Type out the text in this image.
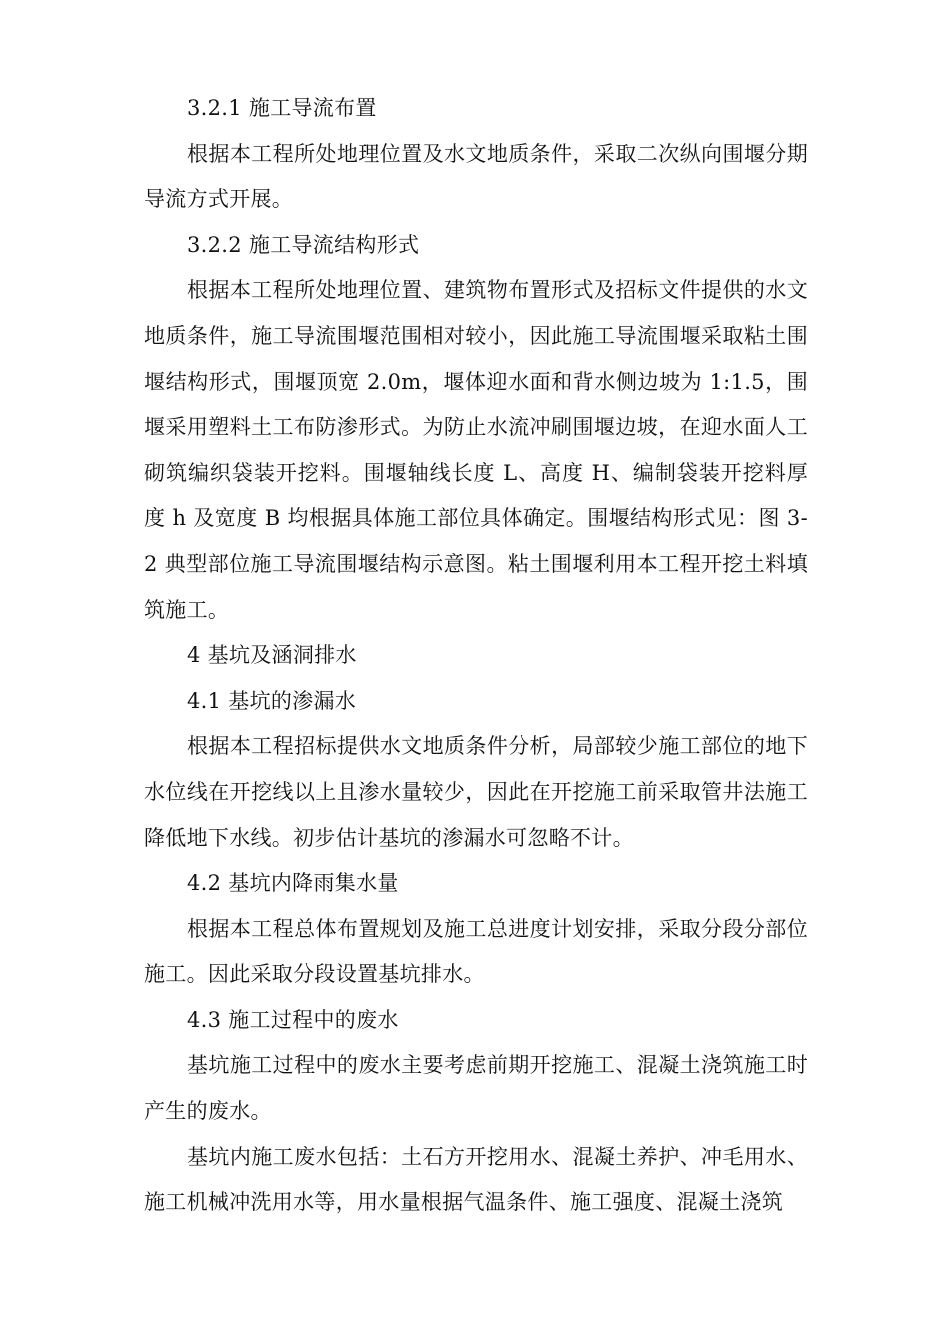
3.2.1 施工导流布置

根据本工程所处地理位置及水文地质条件，采取二次纵向围堰分期导流方式开展。

3.2.2 施工导流结构形式

根据本工程所处地理位置、建筑物布置形式及招标文件提供的水文地质条件，施工导流围堰范围相对较小，因此施工导流围堰采取粘土围堰结构形式，围堰顶宽 2.0m，堰体迎水面和背水侧边坡为 1:1.5，围堰采用塑料土工布防渗形式。为防止水流冲刷围堰边坡，在迎水面人工砌筑编织袋装开挖料。围堰轴线长度 L、高度 H、编制袋装开挖料厚度 h 及宽度 B 均根据具体施工部位具体确定。围堰结构形式见：图 3-2 典型部位施工导流围堰结构示意图。粘土围堰利用本工程开挖土料填筑施工。

4 基坑及涵洞排水

4.1 基坑的渗漏水

根据本工程招标提供水文地质条件分析，局部较少施工部位的地下水位线在开挖线以上且渗水量较少，因此在开挖施工前采取管井法施工降低地下水线。初步估计基坑的渗漏水可忽略不计。

4.2 基坑内降雨集水量

根据本工程总体布置规划及施工总进度计划安排，采取分段分部位施工。因此采取分段设置基坑排水。

4.3 施工过程中的废水

基坑施工过程中的废水主要考虑前期开挖施工、混凝土浇筑施工时产生的废水。

基坑内施工废水包括：土石方开挖用水、混凝土养护、冲毛用水、施工机械冲洗用水等，用水量根据气温条件、施工强度、混凝土浇筑
